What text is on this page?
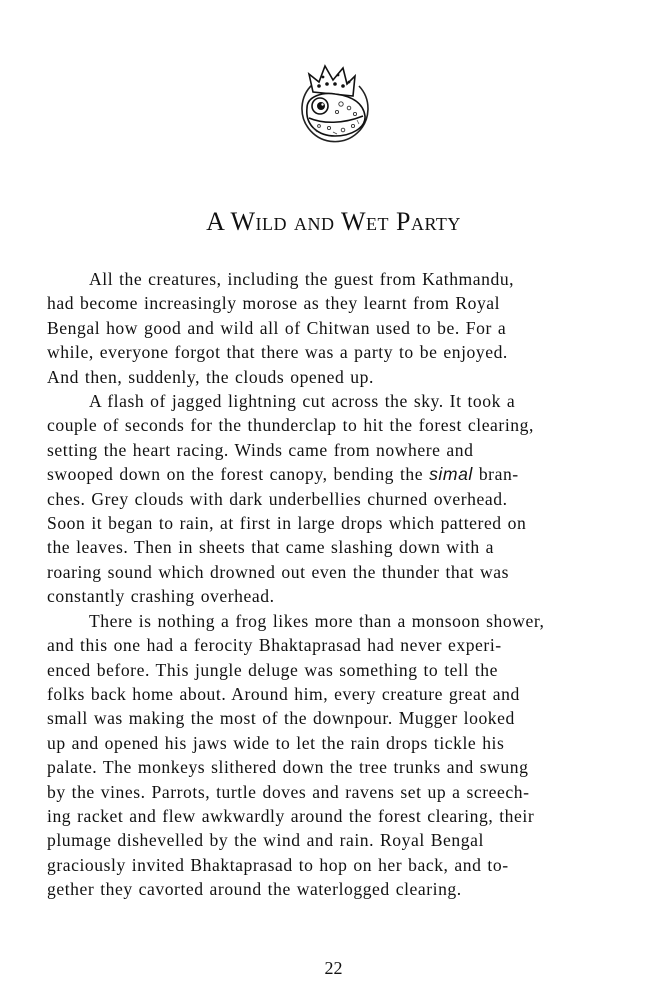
A Wild and Wet Party
All the creatures, including the guest from Kathmandu,
had become increasingly morose as they learnt from Royal
Bengal how good and wild all of Chitwan used to be. For a
while, everyone forgot that there was a party to be enjoyed.
And then, suddenly, the clouds opened up.
A flash of jagged lightning cut across the sky. It took a
couple of seconds for the thunderclap to hit the forest clearing,
setting the heart racing. Winds came from nowhere and
swooped down on the forest canopy, bending the simal bran-
ches. Grey clouds with dark underbellies churned overhead.
Soon it began to rain, at first in large drops which pattered on
the leaves. Then in sheets that came slashing down with a
roaring sound which drowned out even the thunder that was
constantly crashing overhead.
There is nothing a frog likes more than a monsoon shower,
and this one had a ferocity Bhaktaprasad had never experi-
enced before. This jungle deluge was something to tell the
folks back home about. Around him, every creature great and
small was making the most of the downpour. Mugger looked
up and opened his jaws wide to let the rain drops tickle his
palate. The monkeys slithered down the tree trunks and swung
by the vines. Parrots, turtle doves and ravens set up a screech-
ing racket and flew awkwardly around the forest clearing, their
plumage dishevelled by the wind and rain. Royal Bengal
graciously invited Bhaktaprasad to hop on her back, and to-
gether they cavorted around the waterlogged clearing.
22
